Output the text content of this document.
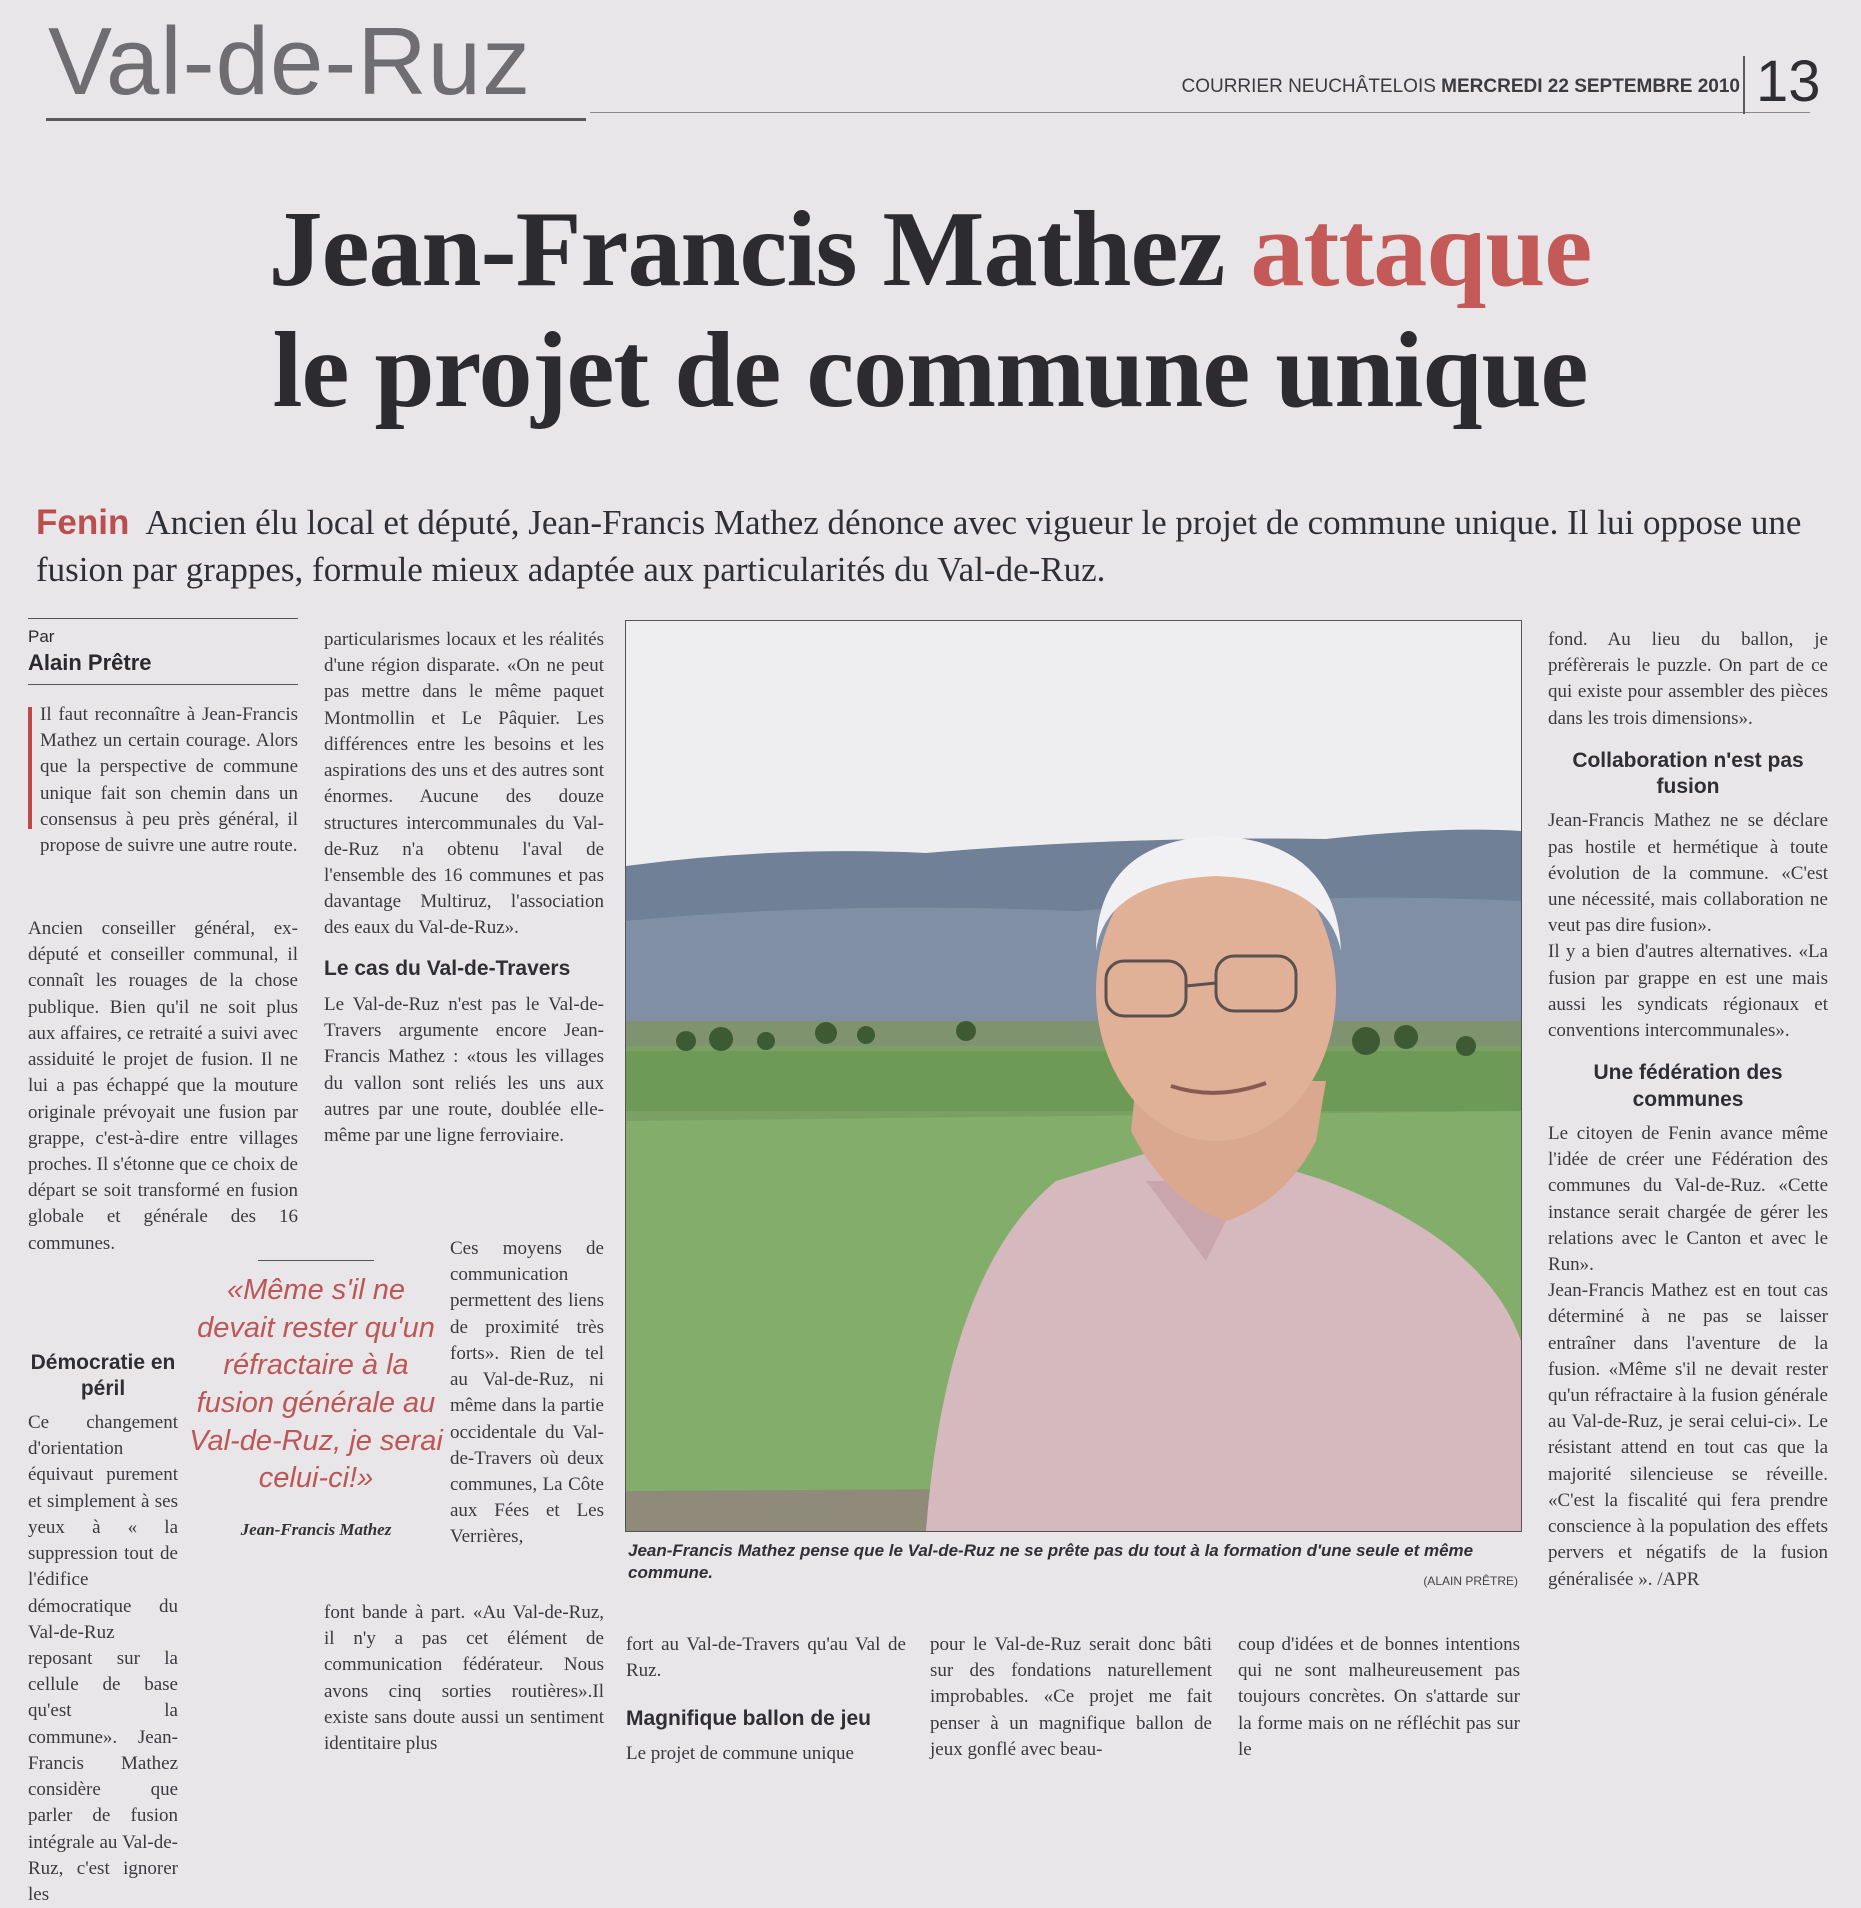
Val-de-Ruz	COURRIER NEUCHÂTELOIS MERCREDI 22 SEPTEMBRE 2010 13
Jean-Francis Mathez attaque
le projet de commune unique
Fenin Ancien élu local et député, Jean-Francis Mathez dénonce avec vigueur le projet de commune unique. Il lui oppose une fusion par grappes, formule mieux adaptée aux particularités du Val-de-Ruz.
Par
Alain Prêtre

Il faut reconnaître à Jean-Francis Mathez un certain courage. Alors que la perspective de commune unique fait son chemin dans un consensus à peu près général, il propose de suivre une autre route.

Ancien conseiller général, ex-député et conseiller communal, il connaît les rouages de la chose publique. Bien qu'il ne soit plus aux affaires, ce retraité a suivi avec assiduité le projet de fusion. Il ne lui a pas échappé que la mouture originale prévoyait une fusion par grappe, c'est-à-dire entre villages proches. Il s'étonne que ce choix de départ se soit transformé en fusion globale et générale des 16 communes.

Démocratie en péril

Ce changement d'orientation équivaut purement et simplement à ses yeux à « la suppression tout de l'édifice démocratique du Val-de-Ruz reposant sur la cellule de base qu'est la commune». Jean-Francis Mathez considère que parler de fusion intégrale au Val-de-Ruz, c'est ignorer les

«Même s'il ne devait rester qu'un réfractaire à la fusion générale au Val-de-Ruz, je serai celui-ci!»
Jean-Francis Mathez

particularismes locaux et les réalités d'une région disparate. «On ne peut pas mettre dans le même paquet Montmollin et Le Pâquier. Les différences entre les besoins et les aspirations des uns et des autres sont énormes. Aucune des douze structures intercommunales du Val-de-Ruz n'a obtenu l'aval de l'ensemble des 16 communes et pas davantage Multiruz, l'association des eaux du Val-de-Ruz».

Le cas du Val-de-Travers

Le Val-de-Ruz n'est pas le Val-de-Travers argumente encore Jean-Francis Mathez : «tous les villages du vallon sont reliés les uns aux autres par une route, doublée elle-même par une ligne ferroviaire.

Ces moyens de communication permettent des liens de proximité très forts». Rien de tel au Val-de-Ruz, ni même dans la partie occidentale du Val-de-Travers où deux communes, La Côte aux Fées et Les Verrières,

font bande à part. «Au Val-de-Ruz, il n'y a pas cet élément de communication fédérateur. Nous avons cinq sorties routières».Il existe sans doute aussi un sentiment identitaire plus

Jean-Francis Mathez pense que le Val-de-Ruz ne se prête pas du tout à la formation d'une seule et même commune.	(ALAIN PRÊTRE)

fort au Val-de-Travers qu'au Val de Ruz.

Magnifique ballon de jeu

Le projet de commune unique

pour le Val-de-Ruz serait donc bâti sur des fondations naturellement improbables. «Ce projet me fait penser à un magnifique ballon de jeux gonflé avec beau-

coup d'idées et de bonnes intentions qui ne sont malheureusement pas toujours concrètes. On s'attarde sur la forme mais on ne réfléchit pas sur le

fond. Au lieu du ballon, je préfèrerais le puzzle. On part de ce qui existe pour assembler des pièces dans les trois dimensions».

Collaboration n'est pas fusion

Jean-Francis Mathez ne se déclare pas hostile et hermétique à toute évolution de la commune. «C'est une nécessité, mais collaboration ne veut pas dire fusion».

Il y a bien d'autres alternatives. «La fusion par grappe en est une mais aussi les syndicats régionaux et conventions intercommunales».

Une fédération des communes

Le citoyen de Fenin avance même l'idée de créer une Fédération des communes du Val-de-Ruz. «Cette instance serait chargée de gérer les relations avec le Canton et avec le Run».

Jean-Francis Mathez est en tout cas déterminé à ne pas se laisser entraîner dans l'aventure de la fusion. «Même s'il ne devait rester qu'un réfractaire à la fusion générale au Val-de-Ruz, je serai celui-ci». Le résistant attend en tout cas que la majorité silencieuse se réveille. «C'est la fiscalité qui fera prendre conscience à la population des effets pervers et négatifs de la fusion généralisée ». /APR
